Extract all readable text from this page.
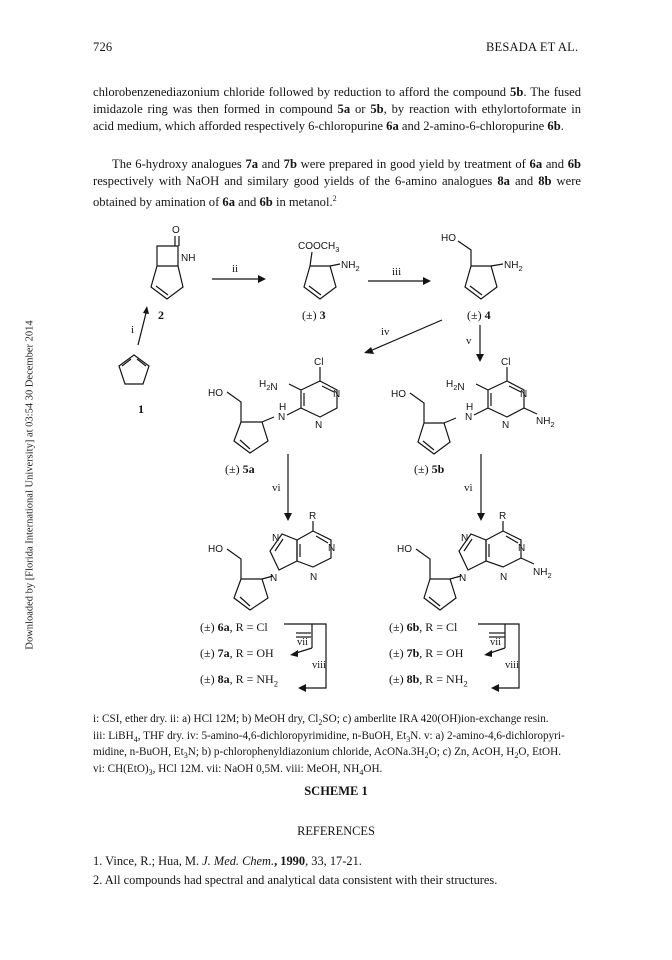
726	BESADA ET AL.
Downloaded by [Florida International University] at 03:54 30 December 2014
chlorobenzenediazonium chloride followed by reduction to afford the compound 5b. The fused imidazole ring was then formed in compound 5a or 5b, by reaction with ethylortoformate in acid medium, which afforded respectively 6-chloropurine 6a and 2-amino-6-chloropurine 6b.
The 6-hydroxy analogues 7a and 7b were prepared in good yield by treatment of 6a and 6b respectively with NaOH and similary good yields of the 6-amino analogues 8a and 8b were obtained by amination of 6a and 6b in metanol.$^2$
O
NH
$COOCH_3$
$NH_2$
HO
$NH_2$
HO
Cl
$H_2N$
N
N
N
H
HO
Cl
$H_2N$
N
N
N
H
$NH_2$
HO
R
N
N
N
N
HO
R
N
N
N
N
$NH_2$
1
2	(±) 3	(±) 4
(±) 5a	(±) 5b
i
ii	iii
iv
v
vi	vi
vii
viii
vii
viii
(±) 6a, R = Cl
(±) 7a, R = OH
(±) 8a, $R = NH_2$
(±) 6b, R = Cl
(±) 7b, R = OH
(±) 8b, $R = NH_2$
i: CSI, ether dry. ii: a) HCl 12M; b) MeOH dry, $Cl_2SO$; c) amberlite IRA 420(OH)ion-exchange resin.
iii: LiBH$_4$, THF dry. iv: 5-amino-4,6-dichloropyrimidine, n-BuOH, $Et_3N$. v: a) 2-amino-4,6-dichloropyri-
midine, n-BuOH, $Et_3N$; b) p-chlorophenyldiazonium chloride, $AcONa.3H_2O$; c) Zn, AcOH, $H_2O$, EtOH.
vi: $CH(EtO)_3$, HCl 12M. vii: NaOH 0,5M. viii: MeOH, $NH_4OH$.
SCHEME 1
REFERENCES
1. Vince, R.; Hua, M. J. Med. Chem., 1990, 33, 17-21.
2. All compounds had spectral and analytical data consistent with their structures.
